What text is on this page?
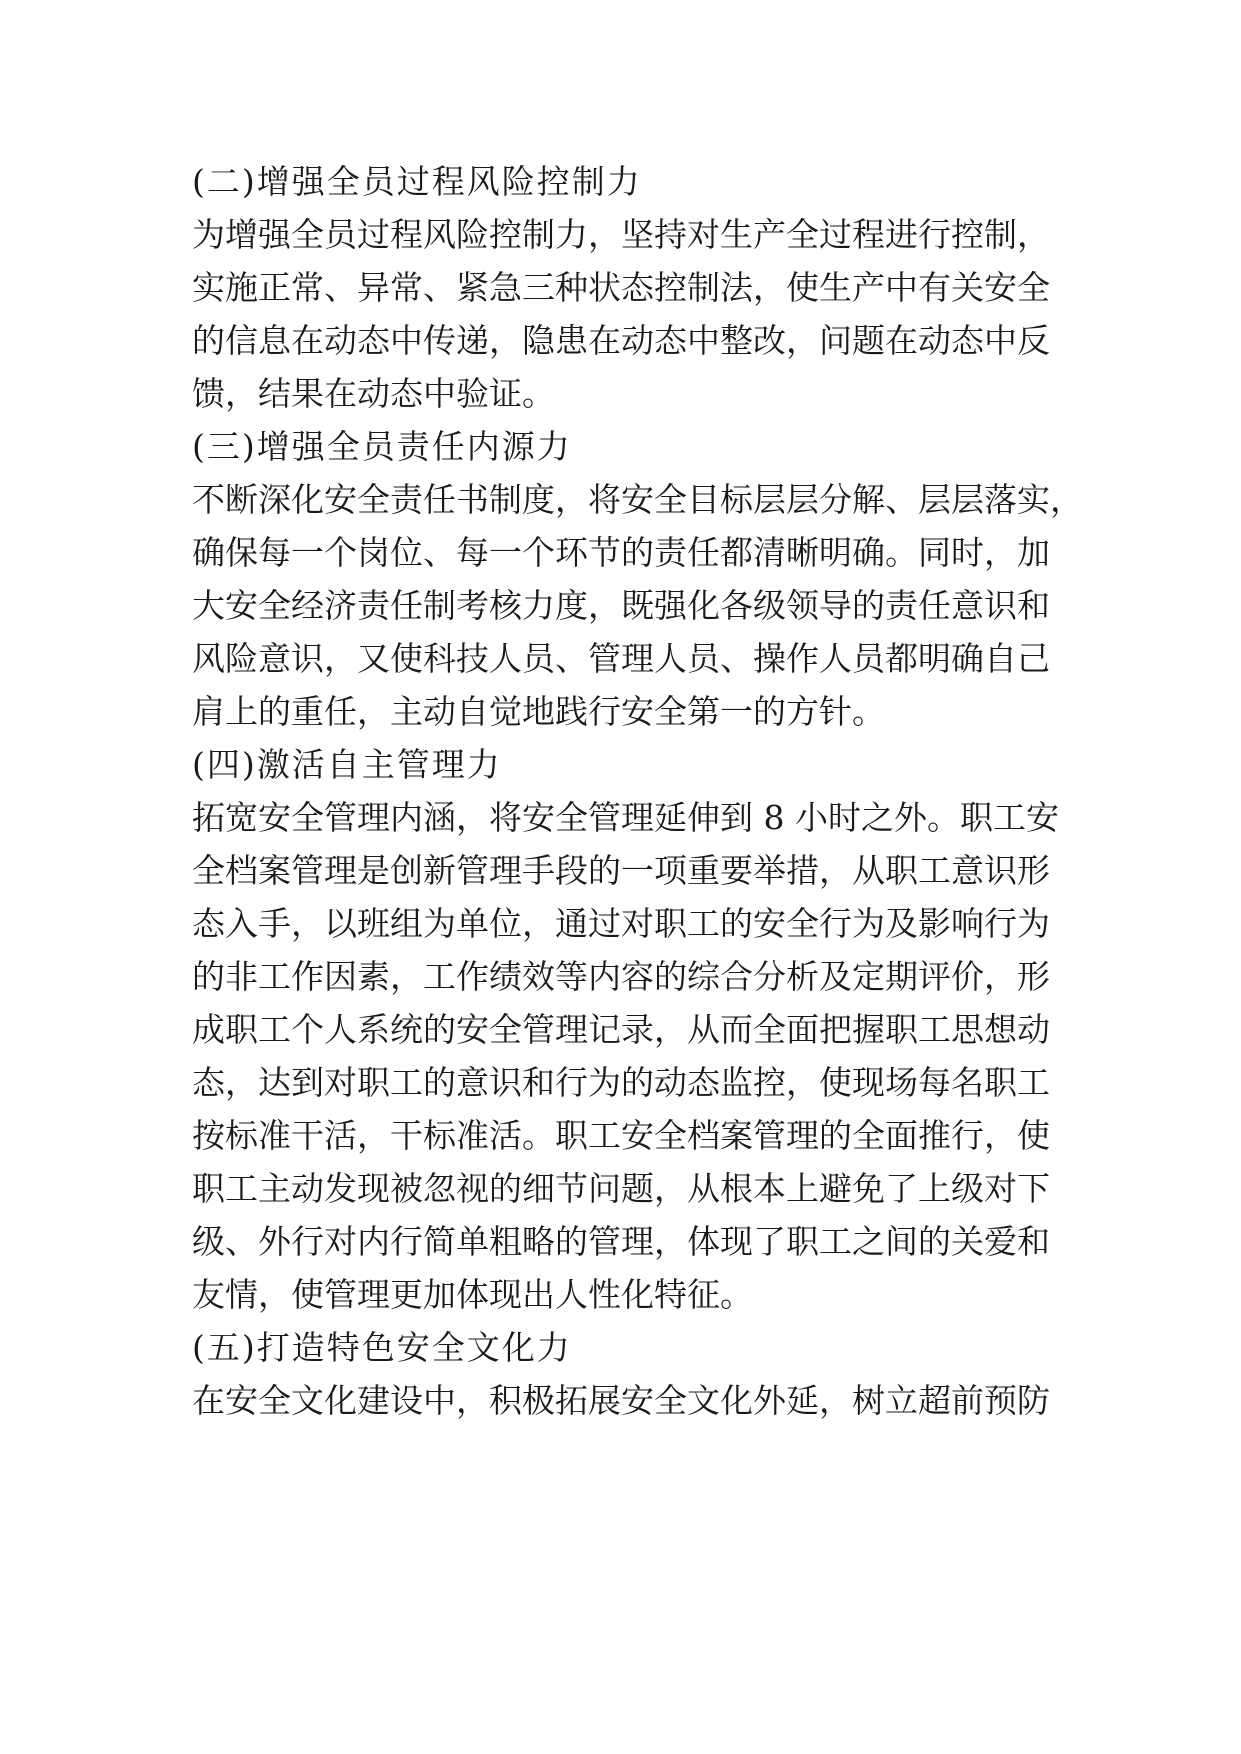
(二)增强全员过程风险控制力
为增强全员过程风险控制力，坚持对生产全过程进行控制，
实施正常、异常、紧急三种状态控制法，使生产中有关安全
的信息在动态中传递，隐患在动态中整改，问题在动态中反
馈，结果在动态中验证。
(三)增强全员责任内源力
不断深化安全责任书制度，将安全目标层层分解、层层落实，
确保每一个岗位、每一个环节的责任都清晰明确。同时，加
大安全经济责任制考核力度，既强化各级领导的责任意识和
风险意识，又使科技人员、管理人员、操作人员都明确自己
肩上的重任，主动自觉地践行安全第一的方针。
(四)激活自主管理力
拓宽安全管理内涵，将安全管理延伸到 8 小时之外。职工安
全档案管理是创新管理手段的一项重要举措，从职工意识形
态入手，以班组为单位，通过对职工的安全行为及影响行为
的非工作因素，工作绩效等内容的综合分析及定期评价，形
成职工个人系统的安全管理记录，从而全面把握职工思想动
态，达到对职工的意识和行为的动态监控，使现场每名职工
按标准干活，干标准活。职工安全档案管理的全面推行，使
职工主动发现被忽视的细节问题，从根本上避免了上级对下
级、外行对内行简单粗略的管理，体现了职工之间的关爱和
友情，使管理更加体现出人性化特征。
(五)打造特色安全文化力
在安全文化建设中，积极拓展安全文化外延，树立超前预防
